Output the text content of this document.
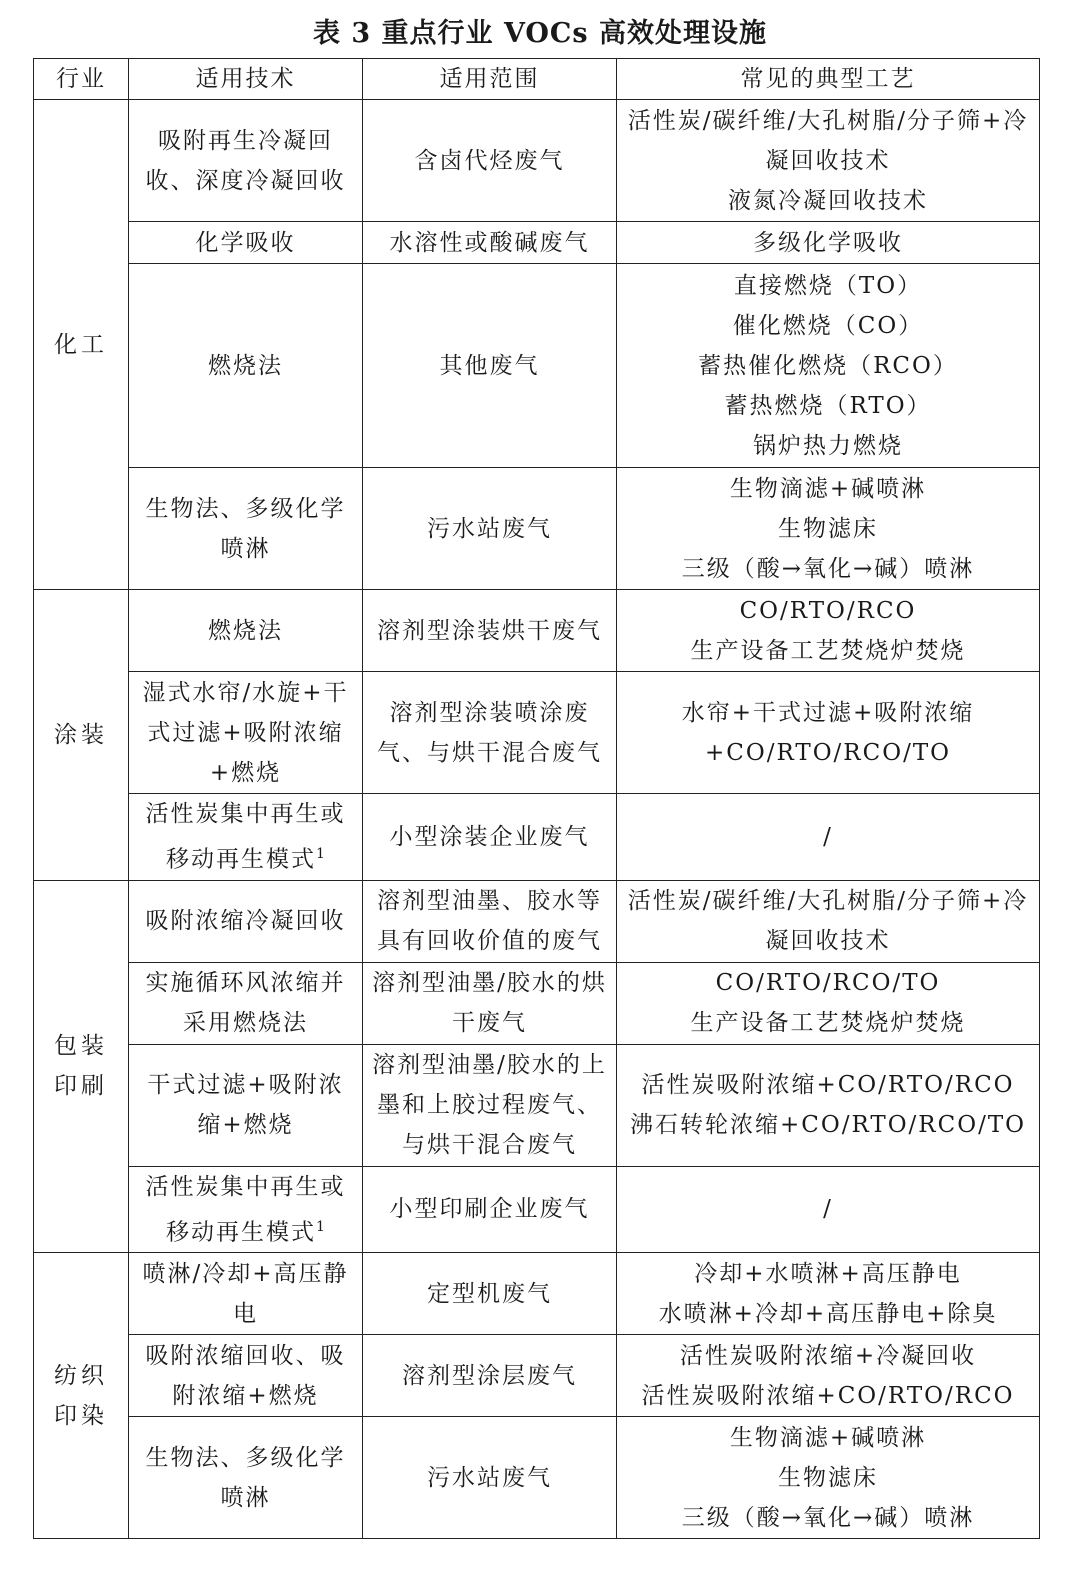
表 3 重点行业 VOCs 高效处理设施
行业	适用技术	适用范围	常见的典型工艺
化工	吸附再生冷凝回收、深度冷凝回收	含卤代烃废气	活性炭/碳纤维/大孔树脂/分子筛+冷凝回收技术
液氮冷凝回收技术

	化学吸收	水溶性或酸碱废气	多级化学吸收

	燃烧法	其他废气	直接燃烧（TO）
催化燃烧（CO）
蓄热催化燃烧（RCO）
蓄热燃烧（RTO）
锅炉热力燃烧

	生物法、多级化学喷淋	污水站废气	生物滴滤+碱喷淋
生物滤床
三级（酸→氧化→碱）喷淋

涂装	燃烧法	溶剂型涂装烘干废气	CO/RTO/RCO
生产设备工艺焚烧炉焚烧

	湿式水帘/水旋+干式过滤+吸附浓缩+燃烧	溶剂型涂装喷涂废气、与烘干混合废气	水帘+干式过滤+吸附浓缩
+CO/RTO/RCO/TO

	活性炭集中再生或移动再生模式$^1$	小型涂装企业废气	/

包装
印刷	吸附浓缩冷凝回收	溶剂型油墨、胶水等具有回收价值的废气	活性炭/碳纤维/大孔树脂/分子筛+冷凝回收技术

	实施循环风浓缩并采用燃烧法	溶剂型油墨/胶水的烘干废气	CO/RTO/RCO/TO
生产设备工艺焚烧炉焚烧

	干式过滤+吸附浓缩+燃烧	溶剂型油墨/胶水的上墨和上胶过程废气、与烘干混合废气	活性炭吸附浓缩+CO/RTO/RCO
沸石转轮浓缩+CO/RTO/RCO/TO

	活性炭集中再生或移动再生模式$^1$	小型印刷企业废气	/

纺织
印染	喷淋/冷却+高压静电	定型机废气	冷却+水喷淋+高压静电
水喷淋+冷却+高压静电+除臭

	吸附浓缩回收、吸附浓缩+燃烧	溶剂型涂层废气	活性炭吸附浓缩+冷凝回收
活性炭吸附浓缩+CO/RTO/RCO

	生物法、多级化学喷淋	污水站废气	生物滴滤+碱喷淋
生物滤床
三级（酸→氧化→碱）喷淋
